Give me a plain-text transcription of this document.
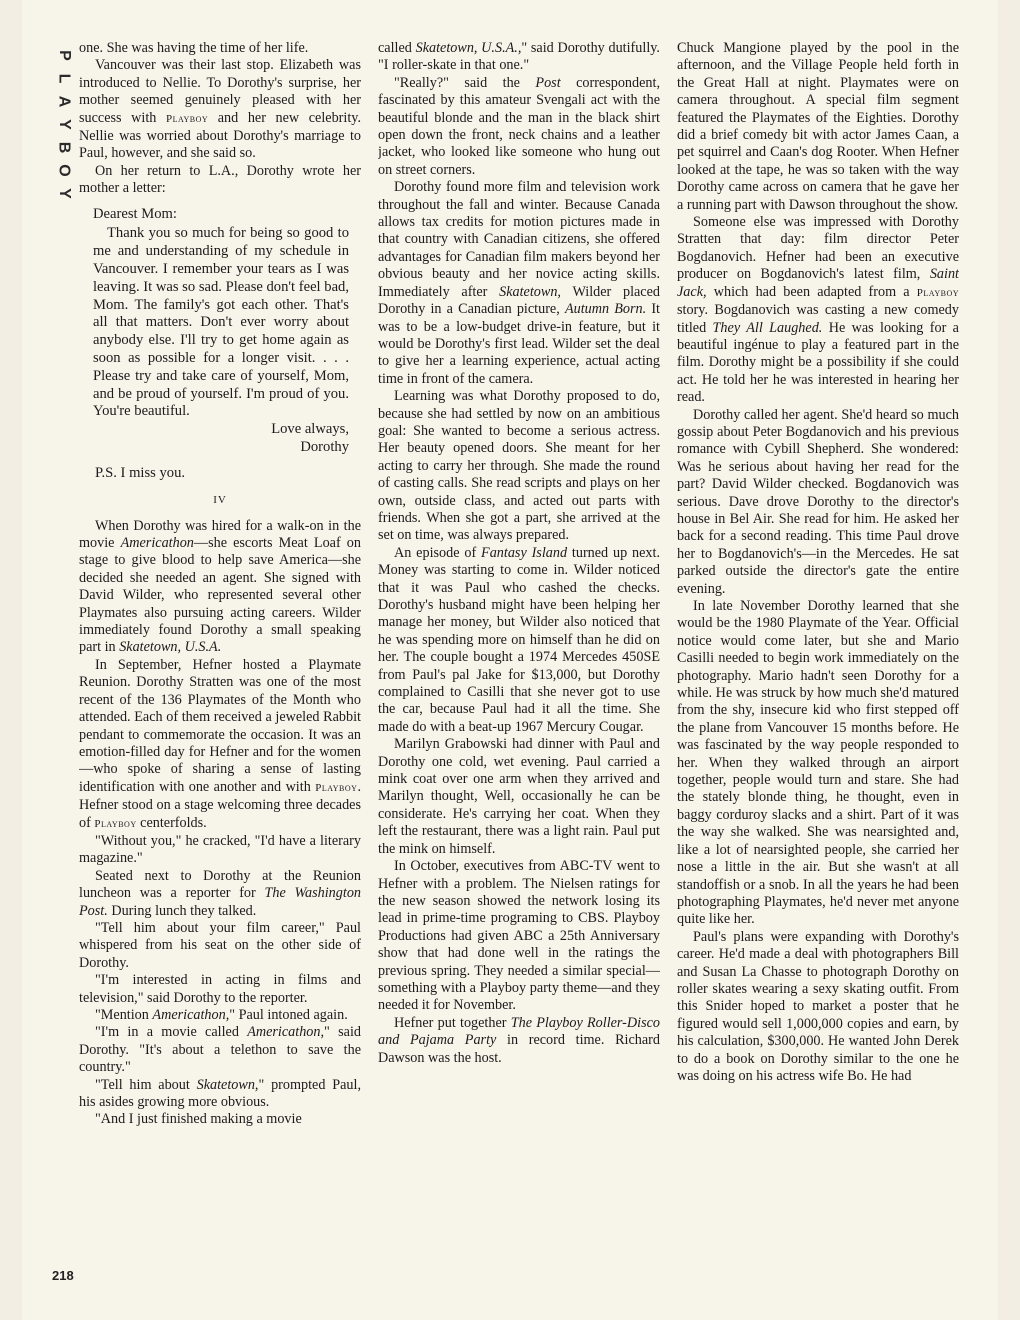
P
L
A
Y
B
O
Y
218

one. She was having the time of her life.

Vancouver was their last stop. Elizabeth was introduced to Nellie. To Dorothy's surprise, her mother seemed genuinely pleased with her success with Playboy and her new celebrity. Nellie was worried about Dorothy's marriage to Paul, however, and she said so.

On her return to L.A., Dorothy wrote her mother a letter:

Dearest Mom:

Thank you so much for being so good to me and understanding of my schedule in Vancouver. I remember your tears as I was leaving. It was so sad. Please don't feel bad, Mom. The family's got each other. That's all that matters. Don't ever worry about anybody else. I'll try to get home again as soon as possible for a longer visit. . . . Please try and take care of yourself, Mom, and be proud of yourself. I'm proud of you. You're beautiful.

Love always,

Dorothy

P.S. I miss you.

IV

When Dorothy was hired for a walk-on in the movie Americathon—she escorts Meat Loaf on stage to give blood to help save America—she decided she needed an agent. She signed with David Wilder, who represented several other Playmates also pursuing acting careers. Wilder immediately found Dorothy a small speaking part in Skatetown, U.S.A.

In September, Hefner hosted a Playmate Reunion. Dorothy Stratten was one of the most recent of the 136 Playmates of the Month who attended. Each of them received a jeweled Rabbit pendant to commemorate the occasion. It was an emotion-filled day for Hefner and for the women—who spoke of sharing a sense of lasting identification with one another and with Playboy. Hefner stood on a stage welcoming three decades of Playboy centerfolds.

"Without you," he cracked, "I'd have a literary magazine."

Seated next to Dorothy at the Reunion luncheon was a reporter for The Washington Post. During lunch they talked.

"Tell him about your film career," Paul whispered from his seat on the other side of Dorothy.

"I'm interested in acting in films and television," said Dorothy to the reporter.

"Mention Americathon," Paul intoned again.

"I'm in a movie called Americathon," said Dorothy. "It's about a telethon to save the country."

"Tell him about Skatetown," prompted Paul, his asides growing more obvious.

"And I just finished making a movie

called Skatetown, U.S.A.," said Dorothy dutifully. "I roller-skate in that one."

"Really?" said the Post correspondent, fascinated by this amateur Svengali act with the beautiful blonde and the man in the black shirt open down the front, neck chains and a leather jacket, who looked like someone who hung out on street corners.

Dorothy found more film and television work throughout the fall and winter. Because Canada allows tax credits for motion pictures made in that country with Canadian citizens, she offered advantages for Canadian film makers beyond her obvious beauty and her novice acting skills. Immediately after Skatetown, Wilder placed Dorothy in a Canadian picture, Autumn Born. It was to be a low-budget drive-in feature, but it would be Dorothy's first lead. Wilder set the deal to give her a learning experience, actual acting time in front of the camera.

Learning was what Dorothy proposed to do, because she had settled by now on an ambitious goal: She wanted to become a serious actress. Her beauty opened doors. She meant for her acting to carry her through. She made the round of casting calls. She read scripts and plays on her own, outside class, and acted out parts with friends. When she got a part, she arrived at the set on time, was always prepared.

An episode of Fantasy Island turned up next. Money was starting to come in. Wilder noticed that it was Paul who cashed the checks. Dorothy's husband might have been helping her manage her money, but Wilder also noticed that he was spending more on himself than he did on her. The couple bought a 1974 Mercedes 450SE from Paul's pal Jake for $13,000, but Dorothy complained to Casilli that she never got to use the car, because Paul had it all the time. She made do with a beat-up 1967 Mercury Cougar.

Marilyn Grabowski had dinner with Paul and Dorothy one cold, wet evening. Paul carried a mink coat over one arm when they arrived and Marilyn thought, Well, occasionally he can be considerate. He's carrying her coat. When they left the restaurant, there was a light rain. Paul put the mink on himself.

In October, executives from ABC-TV went to Hefner with a problem. The Nielsen ratings for the new season showed the network losing its lead in prime-time programing to CBS. Playboy Productions had given ABC a 25th Anniversary show that had done well in the ratings the previous spring. They needed a similar special—something with a Playboy party theme—and they needed it for November.

Hefner put together The Playboy Roller-Disco and Pajama Party in record time. Richard Dawson was the host.

Chuck Mangione played by the pool in the afternoon, and the Village People held forth in the Great Hall at night. Playmates were on camera throughout. A special film segment featured the Playmates of the Eighties. Dorothy did a brief comedy bit with actor James Caan, a pet squirrel and Caan's dog Rooter. When Hefner looked at the tape, he was so taken with the way Dorothy came across on camera that he gave her a running part with Dawson throughout the show.

Someone else was impressed with Dorothy Stratten that day: film director Peter Bogdanovich. Hefner had been an executive producer on Bogdanovich's latest film, Saint Jack, which had been adapted from a Playboy story. Bogdanovich was casting a new comedy titled They All Laughed. He was looking for a beautiful ingénue to play a featured part in the film. Dorothy might be a possibility if she could act. He told her he was interested in hearing her read.

Dorothy called her agent. She'd heard so much gossip about Peter Bogdanovich and his previous romance with Cybill Shepherd. She wondered: Was he serious about having her read for the part? David Wilder checked. Bogdanovich was serious. Dave drove Dorothy to the director's house in Bel Air. She read for him. He asked her back for a second reading. This time Paul drove her to Bogdanovich's—in the Mercedes. He sat parked outside the director's gate the entire evening.

In late November Dorothy learned that she would be the 1980 Playmate of the Year. Official notice would come later, but she and Mario Casilli needed to begin work immediately on the photography. Mario hadn't seen Dorothy for a while. He was struck by how much she'd matured from the shy, insecure kid who first stepped off the plane from Vancouver 15 months before. He was fascinated by the way people responded to her. When they walked through an airport together, people would turn and stare. She had the stately blonde thing, he thought, even in baggy corduroy slacks and a shirt. Part of it was the way she walked. She was nearsighted and, like a lot of nearsighted people, she carried her nose a little in the air. But she wasn't at all standoffish or a snob. In all the years he had been photographing Playmates, he'd never met anyone quite like her.

Paul's plans were expanding with Dorothy's career. He'd made a deal with photographers Bill and Susan La Chasse to photograph Dorothy on roller skates wearing a sexy skating outfit. From this Snider hoped to market a poster that he figured would sell 1,000,000 copies and earn, by his calculation, $300,000. He wanted John Derek to do a book on Dorothy similar to the one he was doing on his actress wife Bo. He had
